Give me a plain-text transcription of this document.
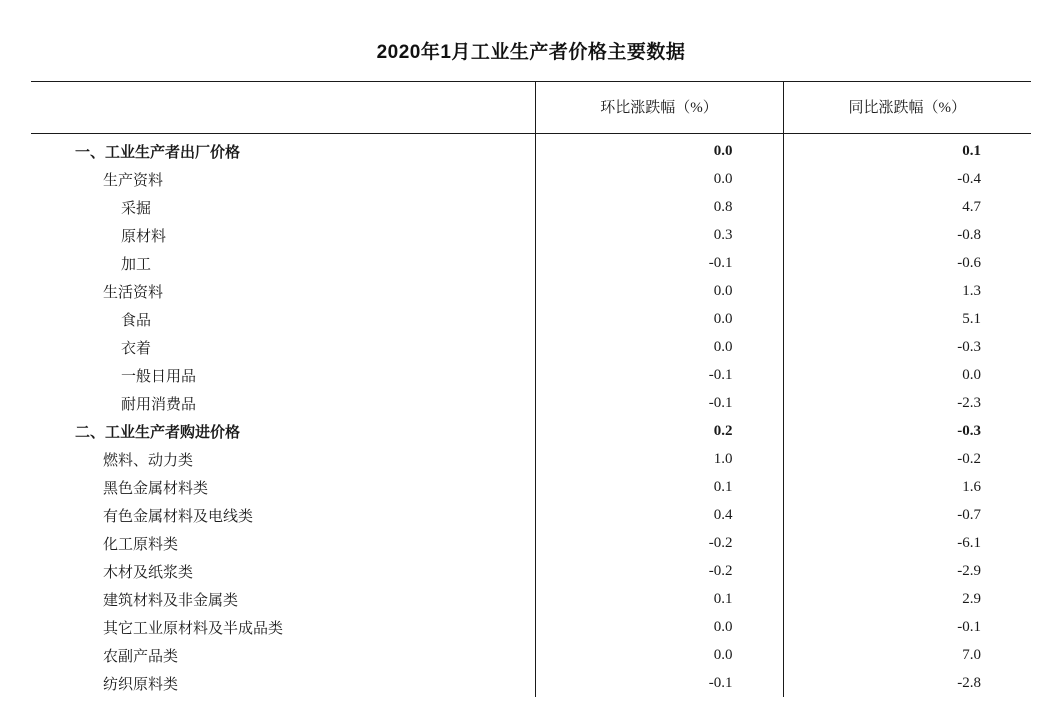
2020年1月工业生产者价格主要数据
	环比涨跌幅（%）	同比涨跌幅（%）
一、工业生产者出厂价格	0.0	0.1
生产资料	0.0	-0.4
采掘	0.8	4.7
原材料	0.3	-0.8
加工	-0.1	-0.6
生活资料	0.0	1.3
食品	0.0	5.1
衣着	0.0	-0.3
一般日用品	-0.1	0.0
耐用消费品	-0.1	-2.3
二、工业生产者购进价格	0.2	-0.3
燃料、动力类	1.0	-0.2
黑色金属材料类	0.1	1.6
有色金属材料及电线类	0.4	-0.7
化工原料类	-0.2	-6.1
木材及纸浆类	-0.2	-2.9
建筑材料及非金属类	0.1	2.9
其它工业原材料及半成品类	0.0	-0.1
农副产品类	0.0	7.0
纺织原料类	-0.1	-2.8
